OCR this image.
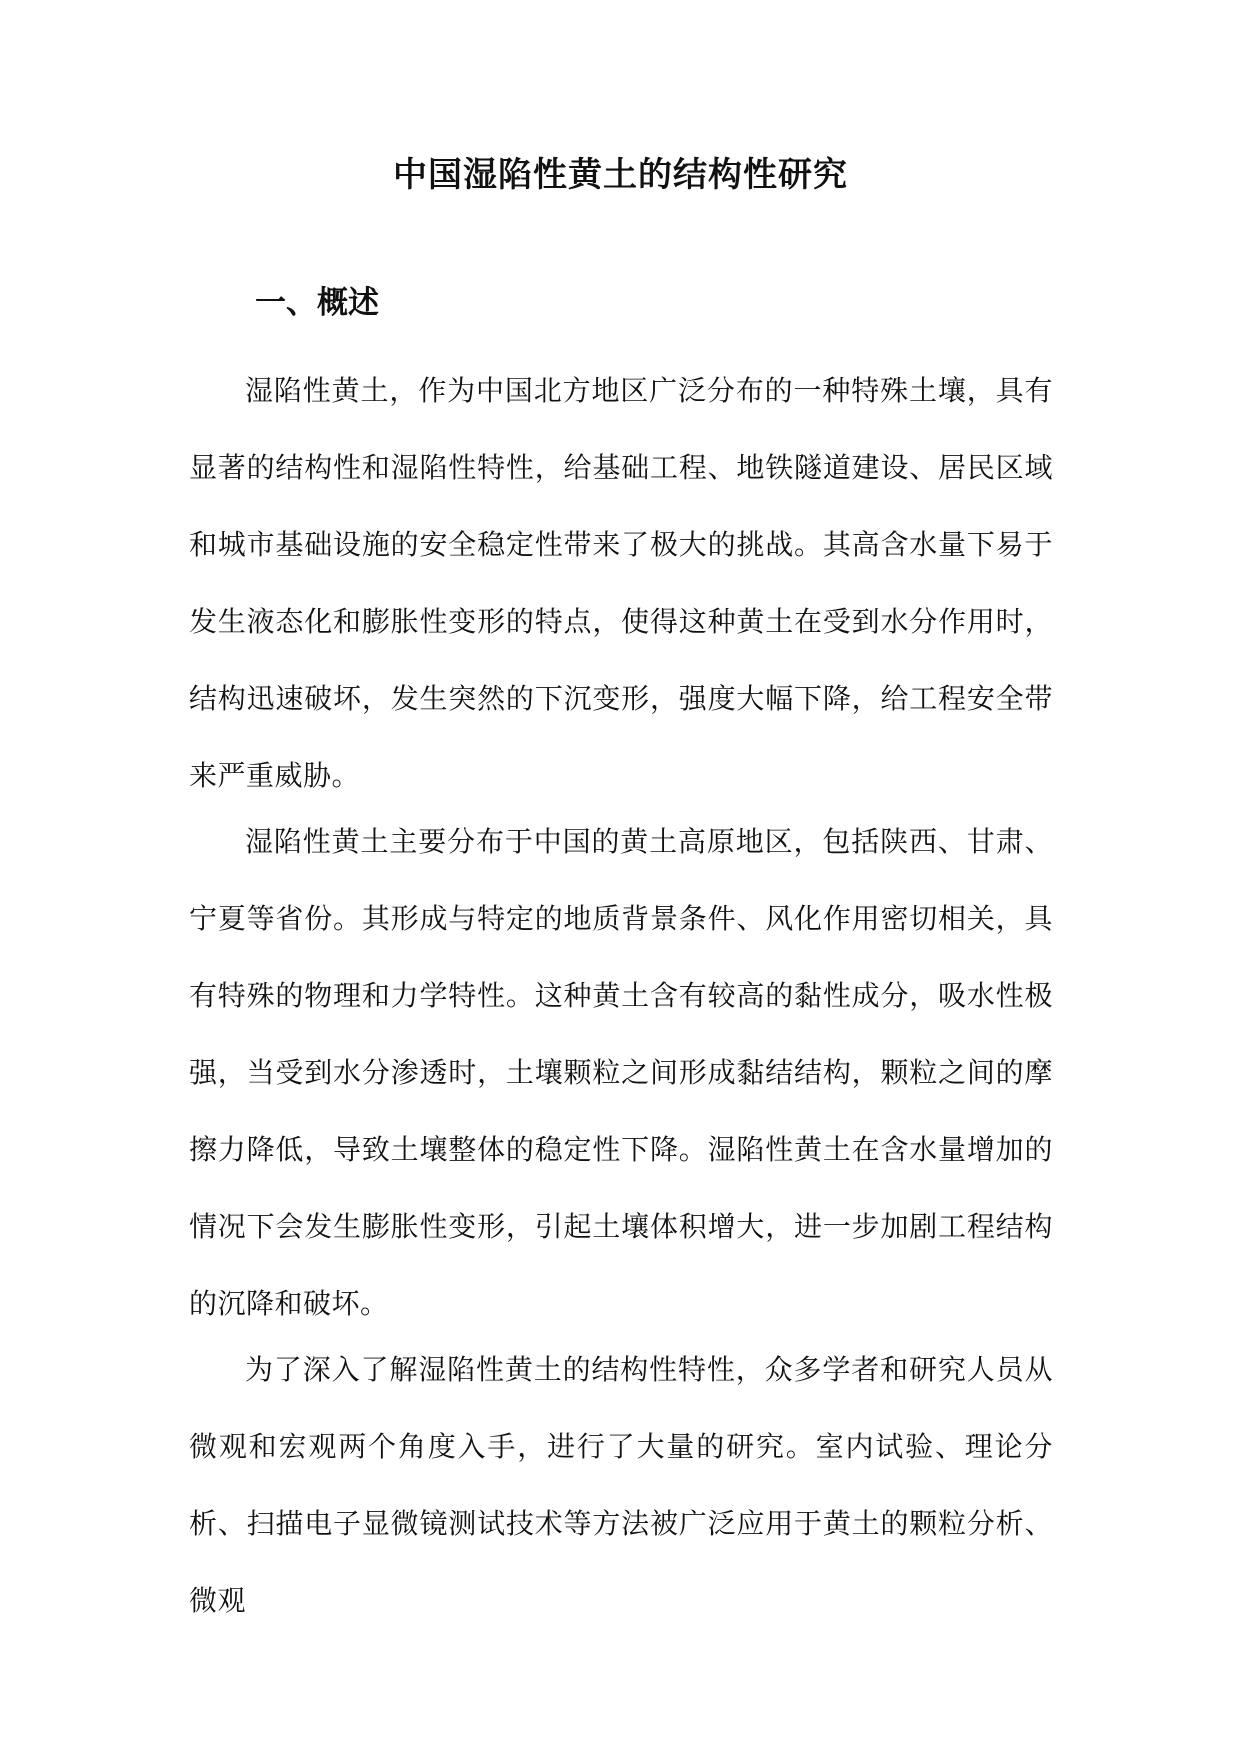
中国湿陷性黄土的结构性研究
一、概述

湿陷性黄土，作为中国北方地区广泛分布的一种特殊土壤，具有显著的结构性和湿陷性特性，给基础工程、地铁隧道建设、居民区域和城市基础设施的安全稳定性带来了极大的挑战。其高含水量下易于发生液态化和膨胀性变形的特点，使得这种黄土在受到水分作用时，结构迅速破坏，发生突然的下沉变形，强度大幅下降，给工程安全带来严重威胁。

湿陷性黄土主要分布于中国的黄土高原地区，包括陕西、甘肃、宁夏等省份。其形成与特定的地质背景条件、风化作用密切相关，具有特殊的物理和力学特性。这种黄土含有较高的黏性成分，吸水性极强，当受到水分渗透时，土壤颗粒之间形成黏结结构，颗粒之间的摩擦力降低，导致土壤整体的稳定性下降。湿陷性黄土在含水量增加的情况下会发生膨胀性变形，引起土壤体积增大，进一步加剧工程结构的沉降和破坏。

为了深入了解湿陷性黄土的结构性特性，众多学者和研究人员从微观和宏观两个角度入手，进行了大量的研究。室内试验、理论分析、扫描电子显微镜测试技术等方法被广泛应用于黄土的颗粒分析、微观
